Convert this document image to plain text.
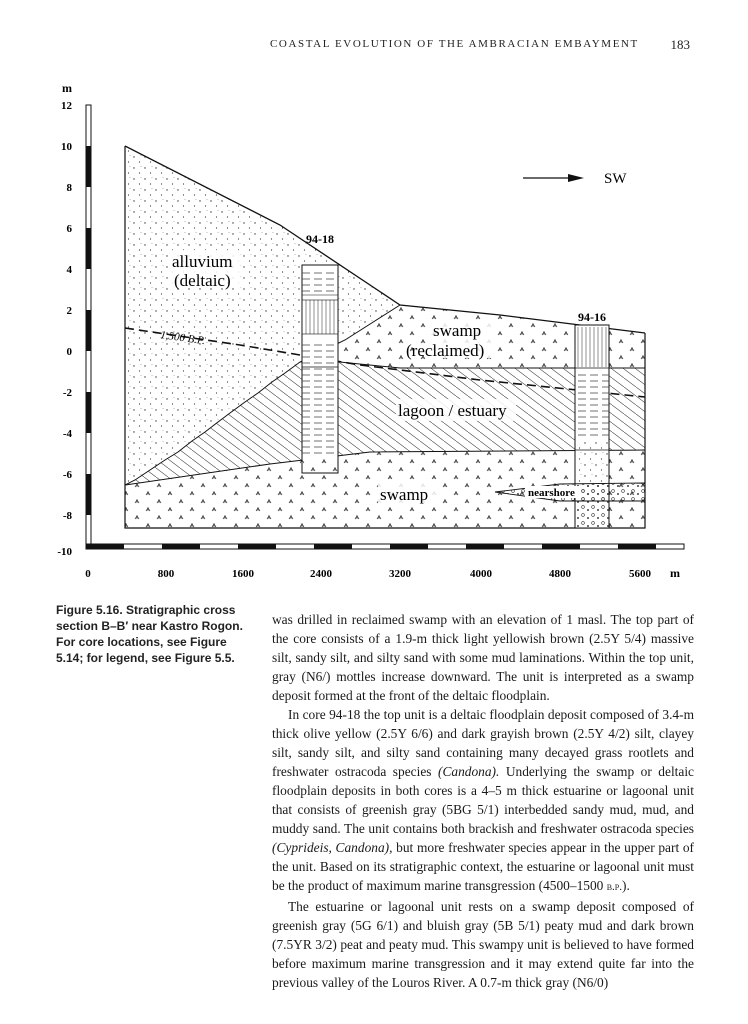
COASTAL EVOLUTION OF THE AMBRACIAN EMBAYMENT 183
m
m
12
10
8
6
4
2
0
-2
-4
-6
-8
-10
0	800	1600	2400	3200	4000	4800	5600
1,500 B.P.
94-18
94-16
nearshore
alluvium
(deltaic)
swamp
(reclaimed)
lagoon / estuary
swamp
SW
Figure 5.16. Stratigraphic cross section B–B′ near Kastro Rogon. For core locations, see Figure 5.14; for legend, see Figure 5.5.

was drilled in reclaimed swamp with an elevation of 1 masl. The top part of the core consists of a 1.9-m thick light yellowish brown (2.5Y 5/4) massive silt, sandy silt, and silty sand with some mud laminations. Within the top unit, gray (N6/) mottles increase downward. The unit is interpreted as a swamp deposit formed at the front of the deltaic floodplain.

In core 94-18 the top unit is a deltaic floodplain deposit composed of 3.4-m thick olive yellow (2.5Y 6/6) and dark grayish brown (2.5Y 4/2) silt, clayey silt, sandy silt, and silty sand containing many decayed grass rootlets and freshwater ostracoda species (Candona). Underlying the swamp or deltaic floodplain deposits in both cores is a 4–5 m thick estuarine or lagoonal unit that consists of greenish gray (5BG 5/1) interbedded sandy mud, mud, and muddy sand. The unit contains both brackish and freshwater ostracoda species (Cyprideis, Candona), but more freshwater species appear in the upper part of the unit. Based on its stratigraphic context, the estuarine or lagoonal unit must be the product of maximum marine transgression (4500–1500 b.p.).

The estuarine or lagoonal unit rests on a swamp deposit composed of greenish gray (5G 6/1) and bluish gray (5B 5/1) peaty mud and dark brown (7.5YR 3/2) peat and peaty mud. This swampy unit is believed to have formed before maximum marine transgression and it may extend quite far into the previous valley of the Louros River. A 0.7-m thick gray (N6/0)
